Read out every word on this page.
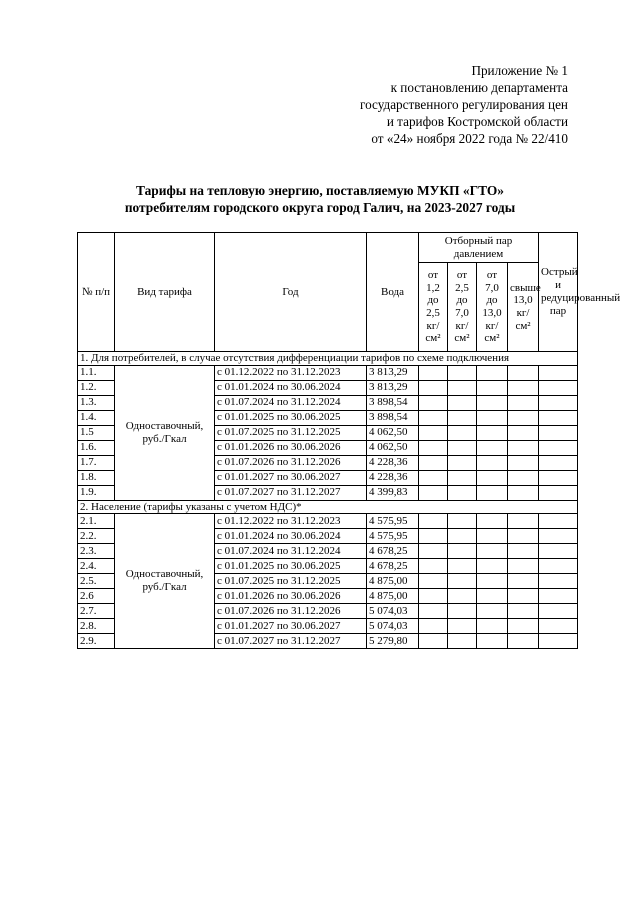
Приложение № 1
к постановлению департамента
государственного регулирования цен
и тарифов Костромской области
от «24» ноября 2022 года № 22/410
Тарифы на тепловую энергию, поставляемую МУКП «ГТО»
потребителям городского округа город Галич, на 2023-2027 годы
№ п/п	Вид тарифа	Год	Вода	Отборный пар давлением				Острый и редуцированный пар
				от 1,2 до 2,5 кг/см²	от 2,5 до 7,0 кг/см²	от 7,0 до 13,0 кг/см²	свыше 13,0 кг/см²	
1. Для потребителей, в случае отсутствия дифференциации тарифов по схеме подключения								
1.1.	Одноставочный, руб./Гкал	с 01.12.2022 по 31.12.2023	3 813,29					
1.2.		с 01.01.2024 по 30.06.2024	3 813,29					
1.3.		с 01.07.2024 по 31.12.2024	3 898,54					
1.4.		с 01.01.2025 по 30.06.2025	3 898,54					
1.5		с 01.07.2025 по 31.12.2025	4 062,50					
1.6.		с 01.01.2026 по 30.06.2026	4 062,50					
1.7.		с 01.07.2026 по 31.12.2026	4 228,36					
1.8.		с 01.01.2027 по 30.06.2027	4 228,36					
1.9.		с 01.07.2027 по 31.12.2027	4 399,83					
2. Население (тарифы указаны с учетом НДС)*								
2.1.	Одноставочный, руб./Гкал	с 01.12.2022 по 31.12.2023	4 575,95					
2.2.		с 01.01.2024 по 30.06.2024	4 575,95					
2.3.		с 01.07.2024 по 31.12.2024	4 678,25					
2.4.		с 01.01.2025 по 30.06.2025	4 678,25					
2.5.		с 01.07.2025 по 31.12.2025	4 875,00					
2.6		с 01.01.2026 по 30.06.2026	4 875,00					
2.7.		с 01.07.2026 по 31.12.2026	5 074,03					
2.8.		с 01.01.2027 по 30.06.2027	5 074,03					
2.9.		с 01.07.2027 по 31.12.2027	5 279,80					
